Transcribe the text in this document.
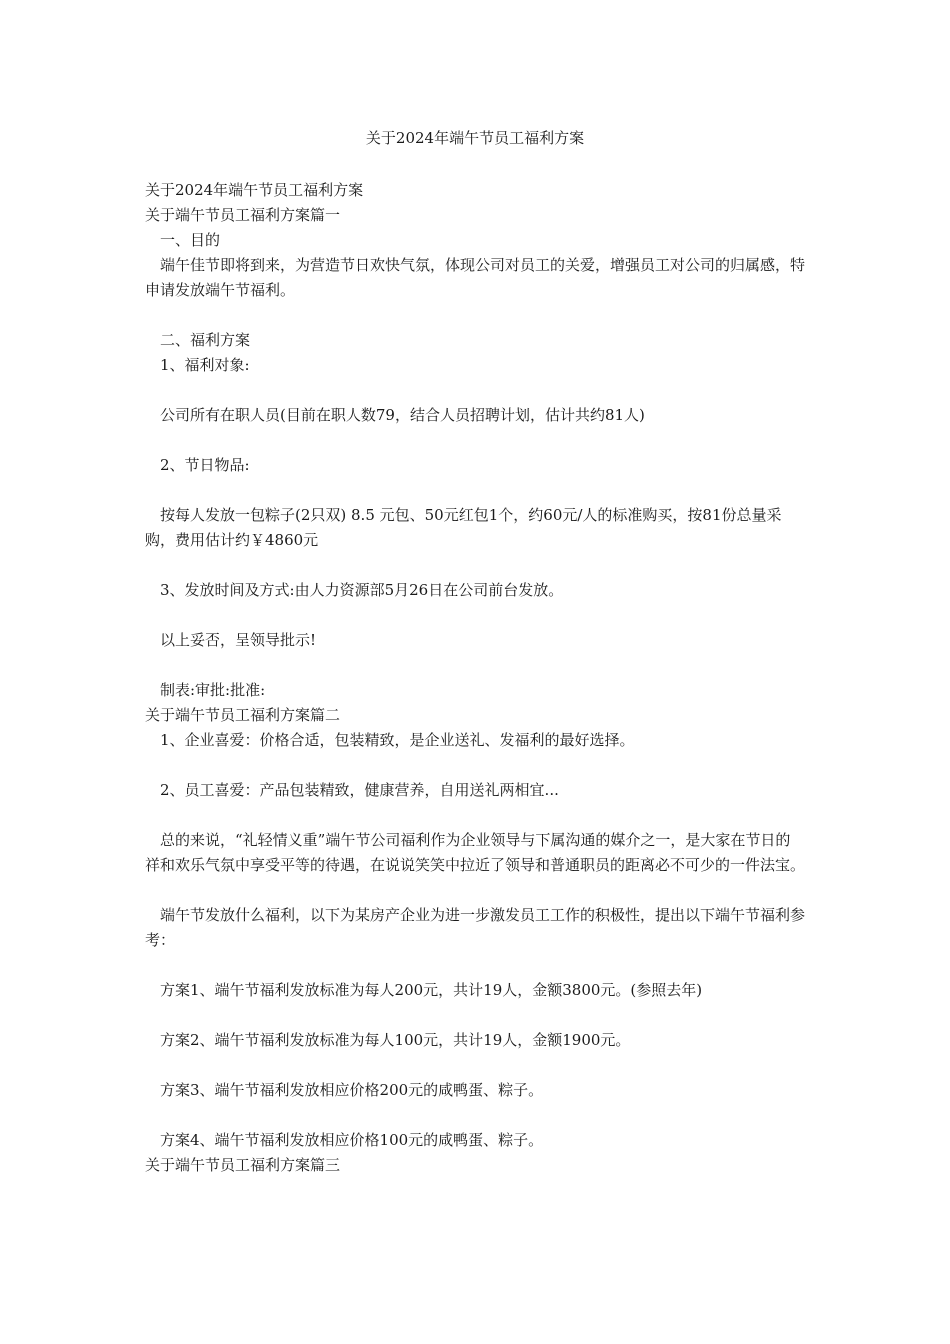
关于2024年端午节员工福利方案

关于2024年端午节员工福利方案

关于端午节员工福利方案篇一

一、目的

端午佳节即将到来，为营造节日欢快气氛，体现公司对员工的关爱，增强员工对公司的归属感，特申请发放端午节福利。

二、福利方案

1、福利对象:

公司所有在职人员(目前在职人数79，结合人员招聘计划，估计共约81人)

2、节日物品:

按每人发放一包粽子(2只双) 8.5 元包、50元红包1个，约60元/人的标准购买，按81份总量采购，费用估计约￥4860元

3、发放时间及方式:由人力资源部5月26日在公司前台发放。

以上妥否，呈领导批示!

制表:审批:批准:

关于端午节员工福利方案篇二

1、企业喜爱：价格合适，包装精致，是企业送礼、发福利的最好选择。

2、员工喜爱：产品包装精致，健康营养，自用送礼两相宜...

总的来说，“礼轻情义重”端午节公司福利作为企业领导与下属沟通的媒介之一，是大家在节日的祥和欢乐气氛中享受平等的待遇，在说说笑笑中拉近了领导和普通职员的距离必不可少的一件法宝。

端午节发放什么福利，以下为某房产企业为进一步激发员工工作的积极性，提出以下端午节福利参考：

方案1、端午节福利发放标准为每人200元，共计19人，金额3800元。(参照去年)

方案2、端午节福利发放标准为每人100元，共计19人，金额1900元。

方案3、端午节福利发放相应价格200元的咸鸭蛋、粽子。

方案4、端午节福利发放相应价格100元的咸鸭蛋、粽子。

关于端午节员工福利方案篇三
